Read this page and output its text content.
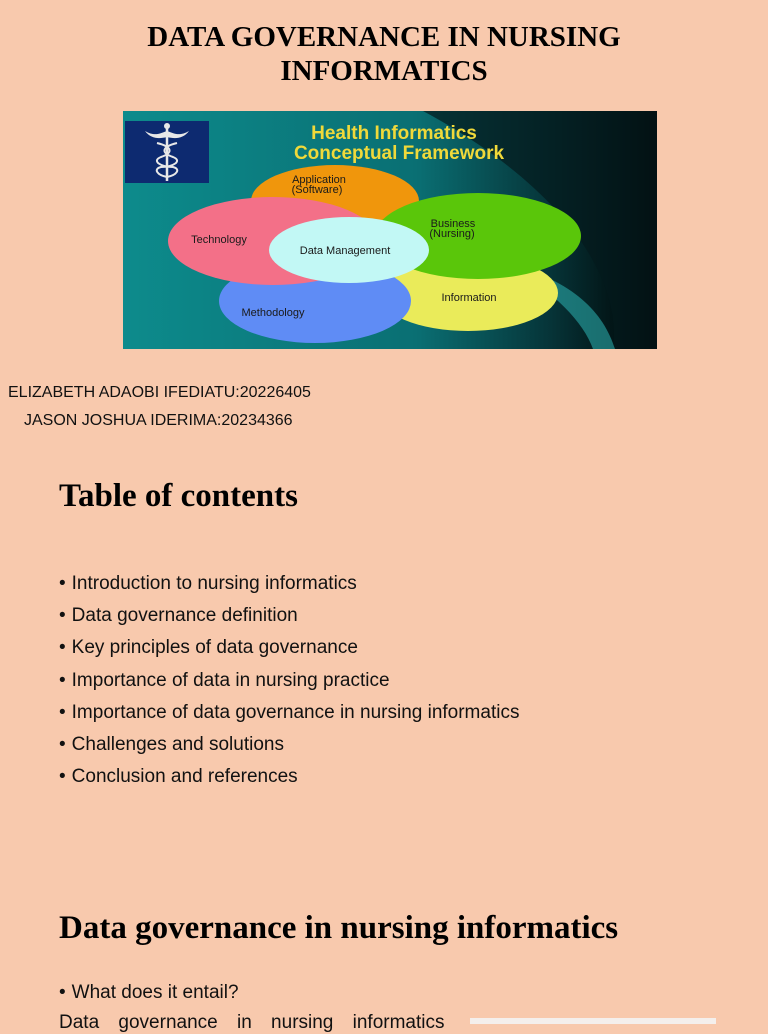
DATA GOVERNANCE IN NURSING
INFORMATICS
Health Informatics
Conceptual Framework
Application
(Software)
Business
(Nursing)
Technology
Data Management
Information
Methodology
ELIZABETH ADAOBI IFEDIATU:20226405
JASON JOSHUA IDERIMA:20234366
Table of contents
• Introduction to nursing informatics
• Data governance definition
• Key principles of data governance
• Importance of data in nursing practice
• Importance of data governance in nursing informatics
• Challenges and solutions
• Conclusion and references
Data governance in nursing informatics
• What does it entail?
Data governance in nursing informatics
